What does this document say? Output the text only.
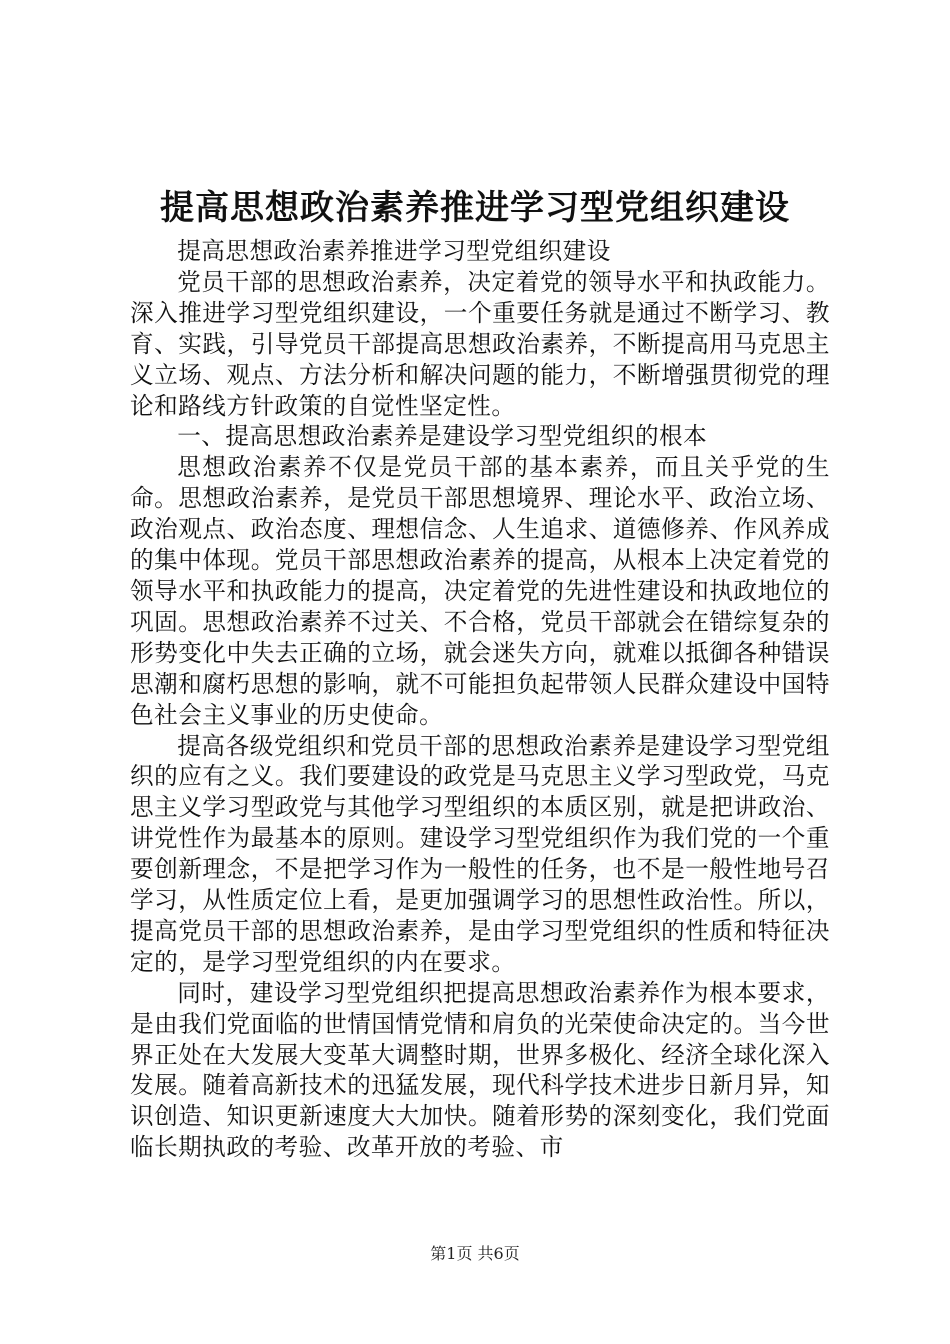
提高思想政治素养推进学习型党组织建设

提高思想政治素养推进学习型党组织建设

党员干部的思想政治素养，决定着党的领导水平和执政能力。深入推进学习型党组织建设，一个重要任务就是通过不断学习、教育、实践，引导党员干部提高思想政治素养，不断提高用马克思主义立场、观点、方法分析和解决问题的能力，不断增强贯彻党的理论和路线方针政策的自觉性坚定性。

一、提高思想政治素养是建设学习型党组织的根本

思想政治素养不仅是党员干部的基本素养，而且关乎党的生命。思想政治素养，是党员干部思想境界、理论水平、政治立场、政治观点、政治态度、理想信念、人生追求、道德修养、作风养成的集中体现。党员干部思想政治素养的提高，从根本上决定着党的领导水平和执政能力的提高，决定着党的先进性建设和执政地位的巩固。思想政治素养不过关、不合格，党员干部就会在错综复杂的形势变化中失去正确的立场，就会迷失方向，就难以抵御各种错误思潮和腐朽思想的影响，就不可能担负起带领人民群众建设中国特色社会主义事业的历史使命。

提高各级党组织和党员干部的思想政治素养是建设学习型党组织的应有之义。我们要建设的政党是马克思主义学习型政党，马克思主义学习型政党与其他学习型组织的本质区别，就是把讲政治、讲党性作为最基本的原则。建设学习型党组织作为我们党的一个重要创新理念，不是把学习作为一般性的任务，也不是一般性地号召学习，从性质定位上看，是更加强调学习的思想性政治性。所以，提高党员干部的思想政治素养，是由学习型党组织的性质和特征决定的，是学习型党组织的内在要求。

同时，建设学习型党组织把提高思想政治素养作为根本要求，是由我们党面临的世情国情党情和肩负的光荣使命决定的。当今世界正处在大发展大变革大调整时期，世界多极化、经济全球化深入发展。随着高新技术的迅猛发展，现代科学技术进步日新月异，知识创造、知识更新速度大大加快。随着形势的深刻变化，我们党面临长期执政的考验、改革开放的考验、市

第1页 共6页
